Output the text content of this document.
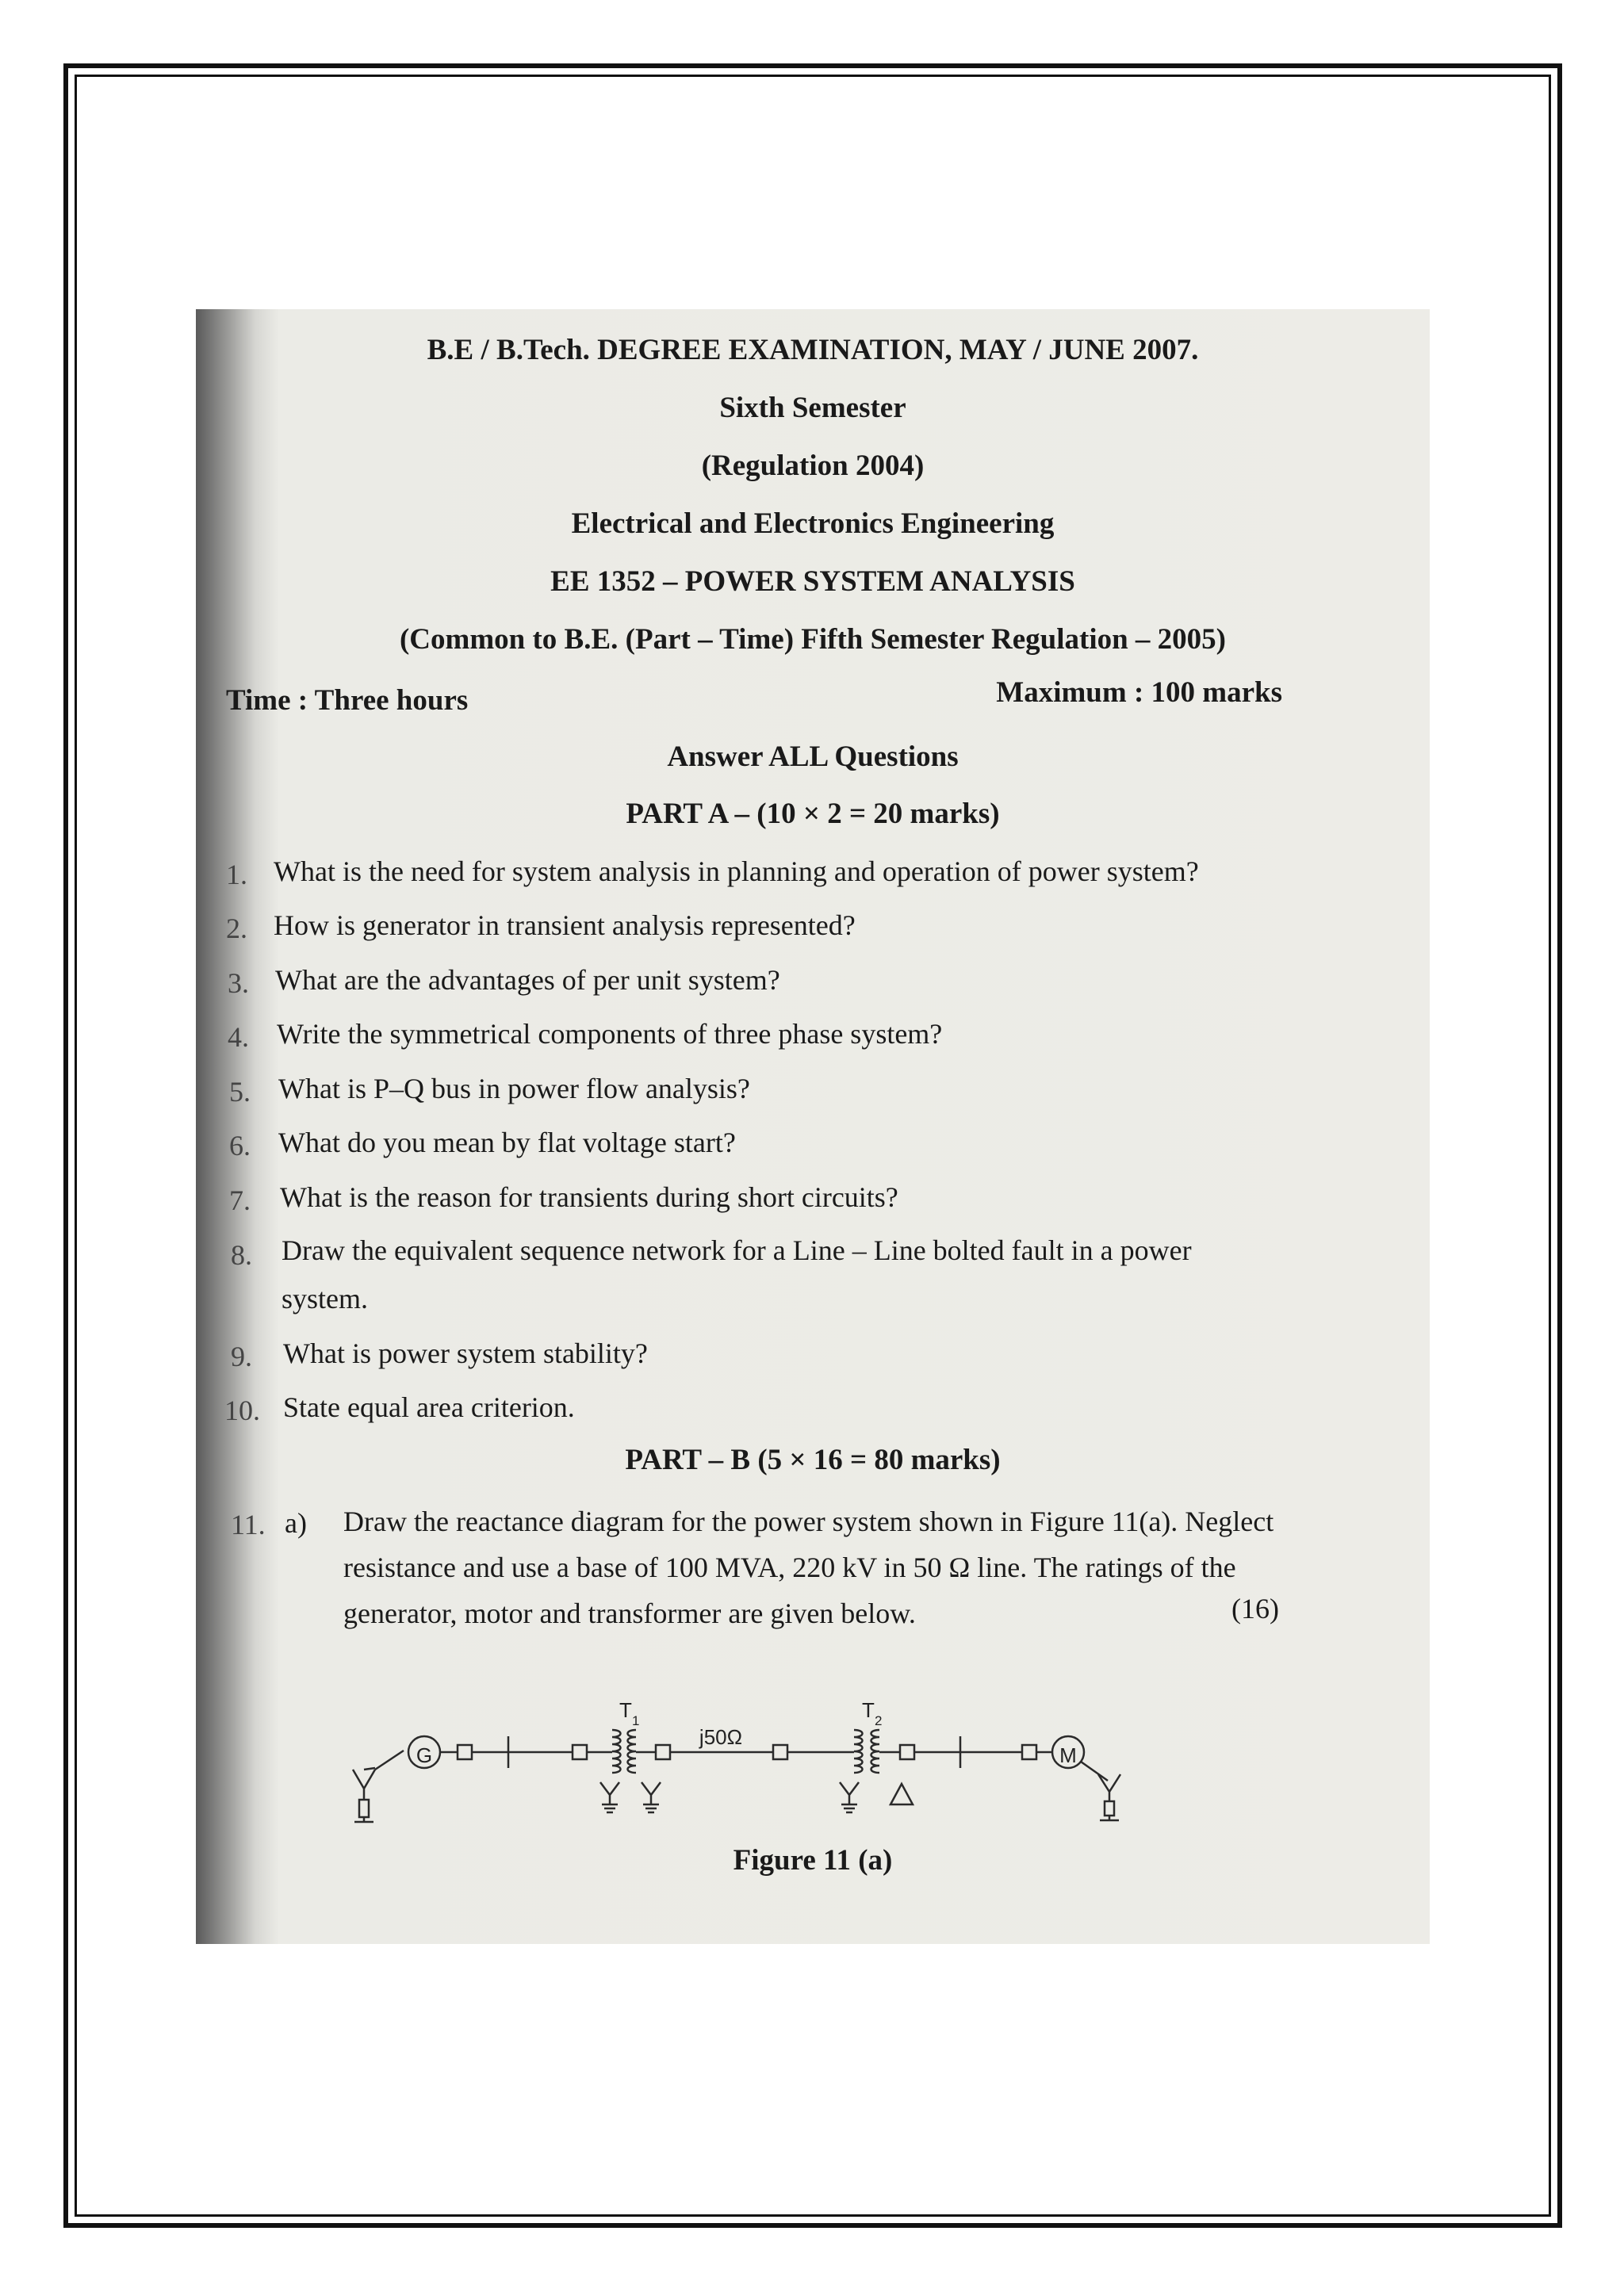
B.E / B.Tech. DEGREE EXAMINATION, MAY / JUNE 2007.
Sixth Semester
(Regulation 2004)
Electrical and Electronics Engineering
EE 1352 – POWER SYSTEM ANALYSIS
(Common to B.E. (Part – Time) Fifth Semester Regulation – 2005)
Time : Three hours	Maximum : 100 marks
Answer ALL Questions
PART A – (10 × 2 = 20 marks)
1. What is the need for system analysis in planning and operation of power system?
2. How is generator in transient analysis represented?
3. What are the advantages of per unit system?
4. Write the symmetrical components of three phase system?
5. What is P–Q bus in power flow analysis?
6. What do you mean by flat voltage start?
7. What is the reason for transients during short circuits?
8. Draw the equivalent sequence network for a Line – Line bolted fault in a power
system.
9. What is power system stability?
10. State equal area criterion.
PART – B (5 × 16 = 80 marks)
11. a) Draw the reactance diagram for the power system shown in Figure 11(a). Neglect
resistance and use a base of 100 MVA, 220 kV in 50 Ω line. The ratings of the
generator, motor and transformer are given below.	(16)
G	M
T 1	T 2
j50Ω
Figure 11 (a)
